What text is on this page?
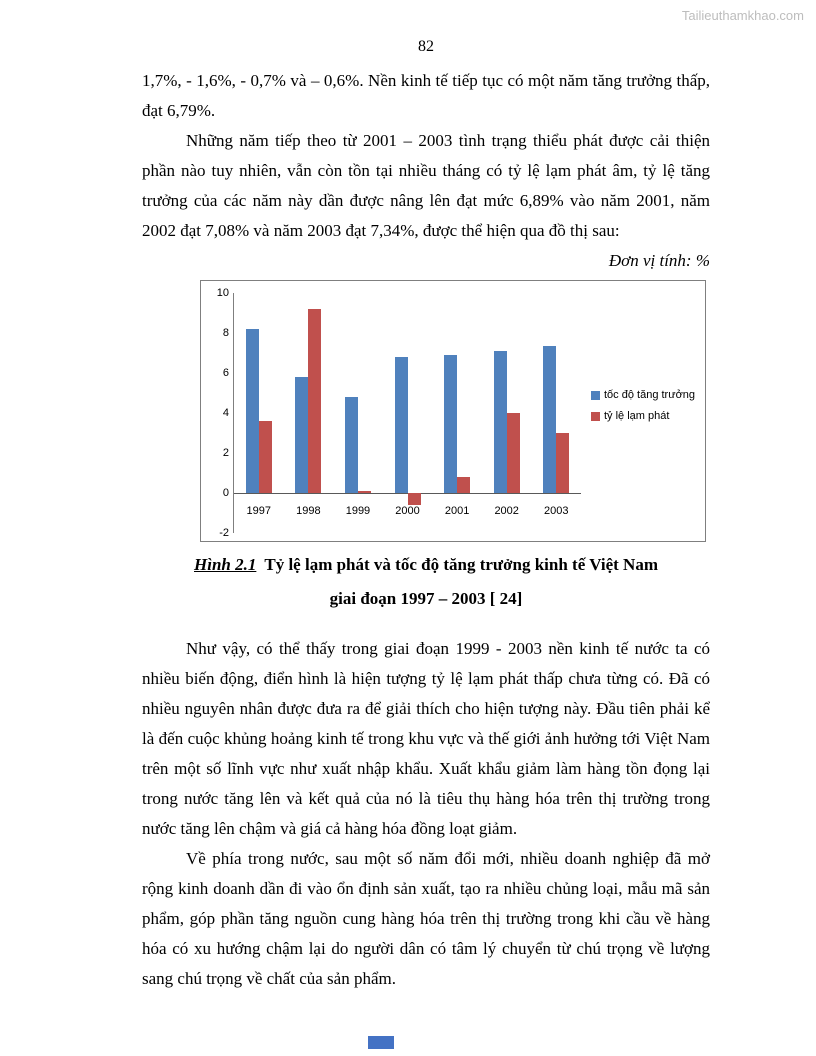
Tailieuthamkhao.com
82

1,7%, - 1,6%, - 0,7% và – 0,6%. Nền kinh tế tiếp tục có một năm tăng trưởng thấp, đạt 6,79%.

Những năm tiếp theo từ 2001 – 2003 tình trạng thiểu phát được cải thiện phần nào tuy nhiên, vẫn còn tồn tại nhiều tháng có tỷ lệ lạm phát âm, tỷ lệ tăng trưởng của các năm này dần được nâng lên đạt mức 6,89% vào năm 2001, năm 2002 đạt 7,08% và năm 2003 đạt 7,34%, được thể hiện qua đồ thị sau:

Đơn vị tính: %
10
8
6
4
2
0
-2
1997	1998	1999	2000	2001	2002	2003
tốc độ tăng trưởng
tỷ lệ lạm phát
Hình 2.1 Tỷ lệ lạm phát và tốc độ tăng trưởng kinh tế Việt Nam
giai đoạn 1997 – 2003 [ 24]

Như vậy, có thể thấy trong giai đoạn 1999 - 2003 nền kinh tế nước ta có nhiều biến động, điển hình là hiện tượng tỷ lệ lạm phát thấp chưa từng có. Đã có nhiều nguyên nhân được đưa ra để giải thích cho hiện tượng này. Đầu tiên phải kể là đến cuộc khủng hoảng kinh tế trong khu vực và thế giới ảnh hưởng tới Việt Nam trên một số lĩnh vực như xuất nhập khẩu. Xuất khẩu giảm làm hàng tồn đọng lại trong nước tăng lên và kết quả của nó là tiêu thụ hàng hóa trên thị trường trong nước tăng lên chậm và giá cả hàng hóa đồng loạt giảm.

Về phía trong nước, sau một số năm đổi mới, nhiều doanh nghiệp đã mở rộng kinh doanh dần đi vào ổn định sản xuất, tạo ra nhiều chủng loại, mẫu mã sản phẩm, góp phần tăng nguồn cung hàng hóa trên thị trường trong khi cầu về hàng hóa có xu hướng chậm lại do người dân có tâm lý chuyển từ chú trọng về lượng sang chú trọng về chất của sản phẩm.
